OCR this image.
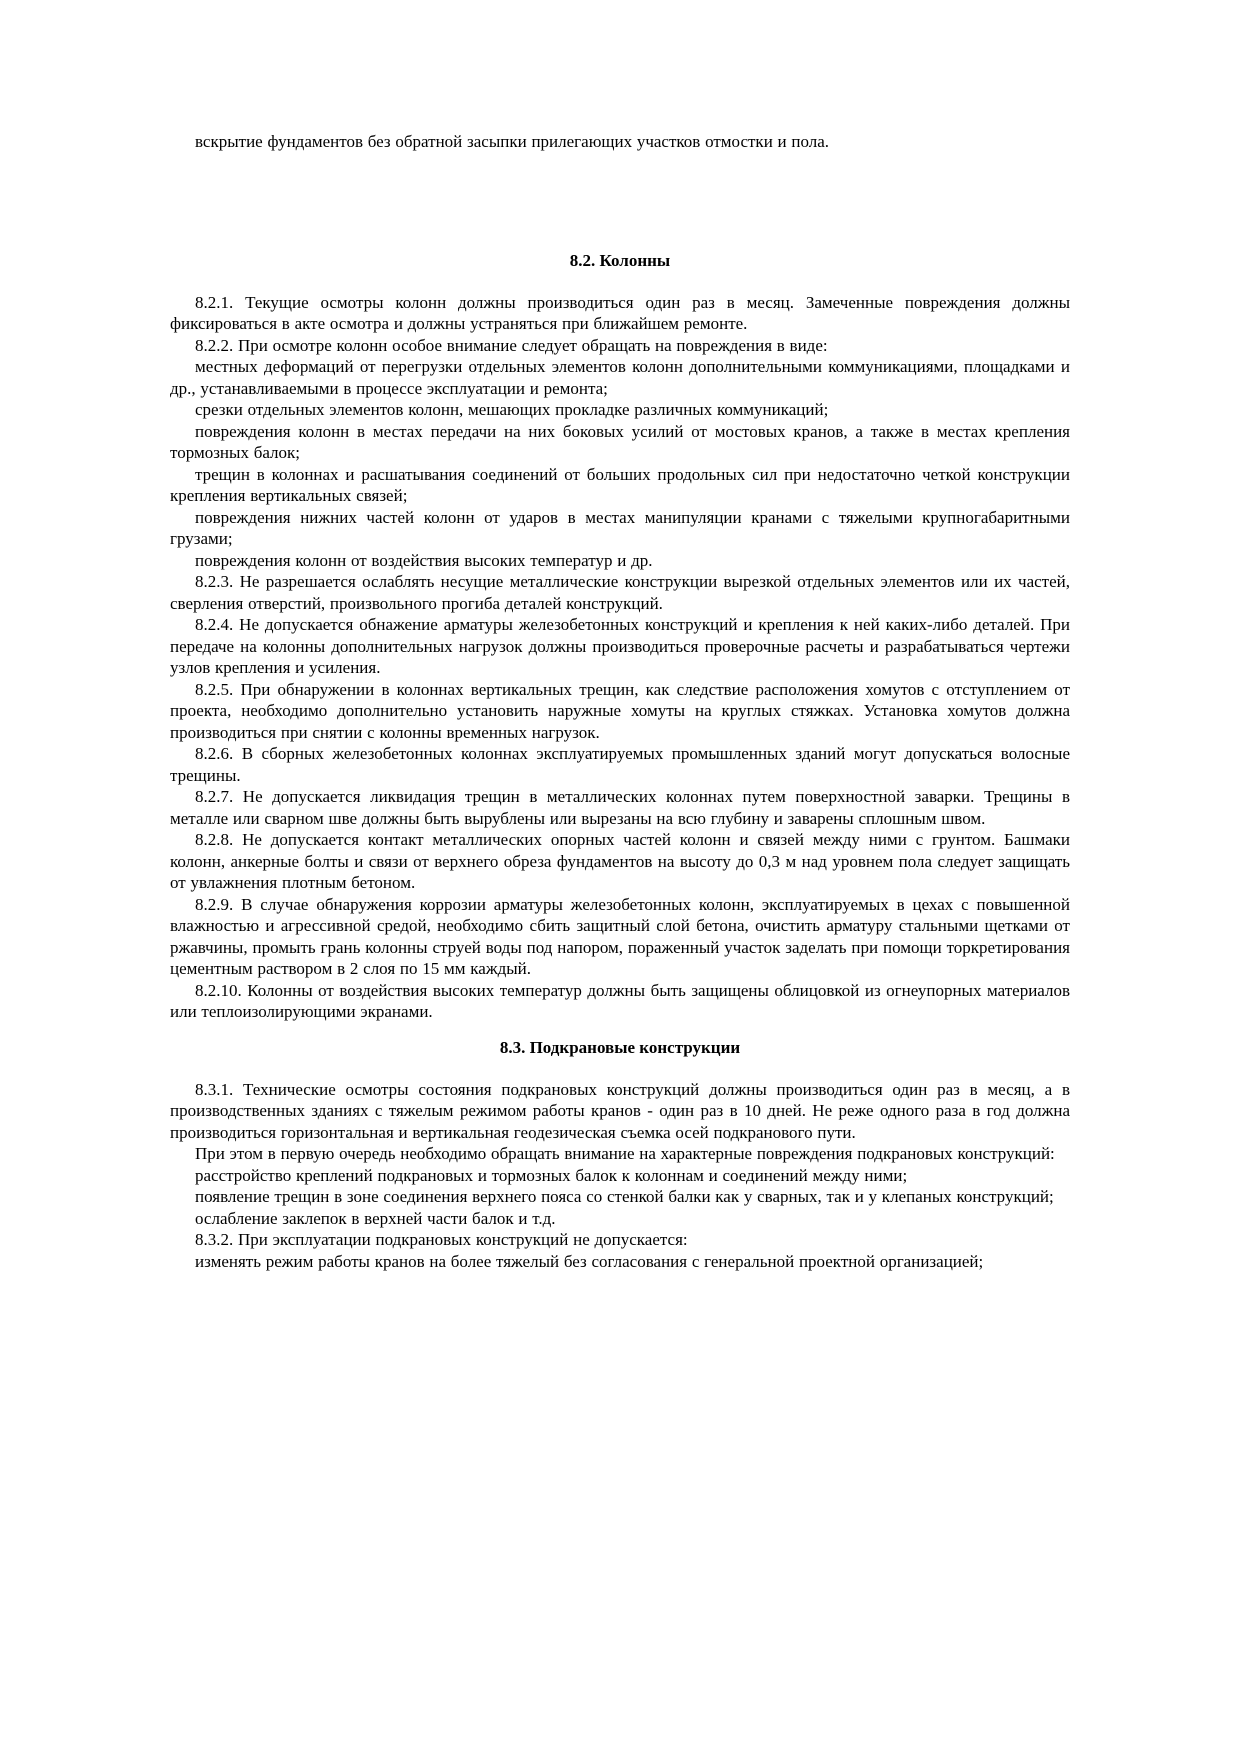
вскрытие фундаментов без обратной засыпки прилегающих участков отмостки и пола.

8.2. Колонны

8.2.1. Текущие осмотры колонн должны производиться один раз в месяц. Замеченные повреждения должны фиксироваться в акте осмотра и должны устраняться при ближайшем ремонте.

8.2.2. При осмотре колонн особое внимание следует обращать на повреждения в виде:

местных деформаций от перегрузки отдельных элементов колонн дополнительными коммуникациями, площадками и др., устанавливаемыми в процессе эксплуатации и ремонта;

срезки отдельных элементов колонн, мешающих прокладке различных коммуникаций;

повреждения колонн в местах передачи на них боковых усилий от мостовых кранов, а также в местах крепления тормозных балок;

трещин в колоннах и расшатывания соединений от больших продольных сил при недостаточно четкой конструкции крепления вертикальных связей;

повреждения нижних частей колонн от ударов в местах манипуляции кранами с тяжелыми крупногабаритными грузами;

повреждения колонн от воздействия высоких температур и др.

8.2.3. Не разрешается ослаблять несущие металлические конструкции вырезкой отдельных элементов или их частей, сверления отверстий, произвольного прогиба деталей конструкций.

8.2.4. Не допускается обнажение арматуры железобетонных конструкций и крепления к ней каких-либо деталей. При передаче на колонны дополнительных нагрузок должны производиться проверочные расчеты и разрабатываться чертежи узлов крепления и усиления.

8.2.5. При обнаружении в колоннах вертикальных трещин, как следствие расположения хомутов с отступлением от проекта, необходимо дополнительно установить наружные хомуты на круглых стяжках. Установка хомутов должна производиться при снятии с колонны временных нагрузок.

8.2.6. В сборных железобетонных колоннах эксплуатируемых промышленных зданий могут допускаться волосные трещины.

8.2.7. Не допускается ликвидация трещин в металлических колоннах путем поверхностной заварки. Трещины в металле или сварном шве должны быть вырублены или вырезаны на всю глубину и заварены сплошным швом.

8.2.8. Не допускается контакт металлических опорных частей колонн и связей между ними с грунтом. Башмаки колонн, анкерные болты и связи от верхнего обреза фундаментов на высоту до 0,3 м над уровнем пола следует защищать от увлажнения плотным бетоном.

8.2.9. В случае обнаружения коррозии арматуры железобетонных колонн, эксплуатируемых в цехах с повышенной влажностью и агрессивной средой, необходимо сбить защитный слой бетона, очистить арматуру стальными щетками от ржавчины, промыть грань колонны струей воды под напором, пораженный участок заделать при помощи торкретирования цементным раствором в 2 слоя по 15 мм каждый.

8.2.10. Колонны от воздействия высоких температур должны быть защищены облицовкой из огнеупорных материалов или теплоизолирующими экранами.

8.3. Подкрановые конструкции

8.3.1. Технические осмотры состояния подкрановых конструкций должны производиться один раз в месяц, а в производственных зданиях с тяжелым режимом работы кранов - один раз в 10 дней. Не реже одного раза в год должна производиться горизонтальная и вертикальная геодезическая съемка осей подкранового пути.

При этом в первую очередь необходимо обращать внимание на характерные повреждения подкрановых конструкций:

расстройство креплений подкрановых и тормозных балок к колоннам и соединений между ними;

появление трещин в зоне соединения верхнего пояса со стенкой балки как у сварных, так и у клепаных конструкций;

ослабление заклепок в верхней части балок и т.д.

8.3.2. При эксплуатации подкрановых конструкций не допускается:

изменять режим работы кранов на более тяжелый без согласования с генеральной проектной организацией;
